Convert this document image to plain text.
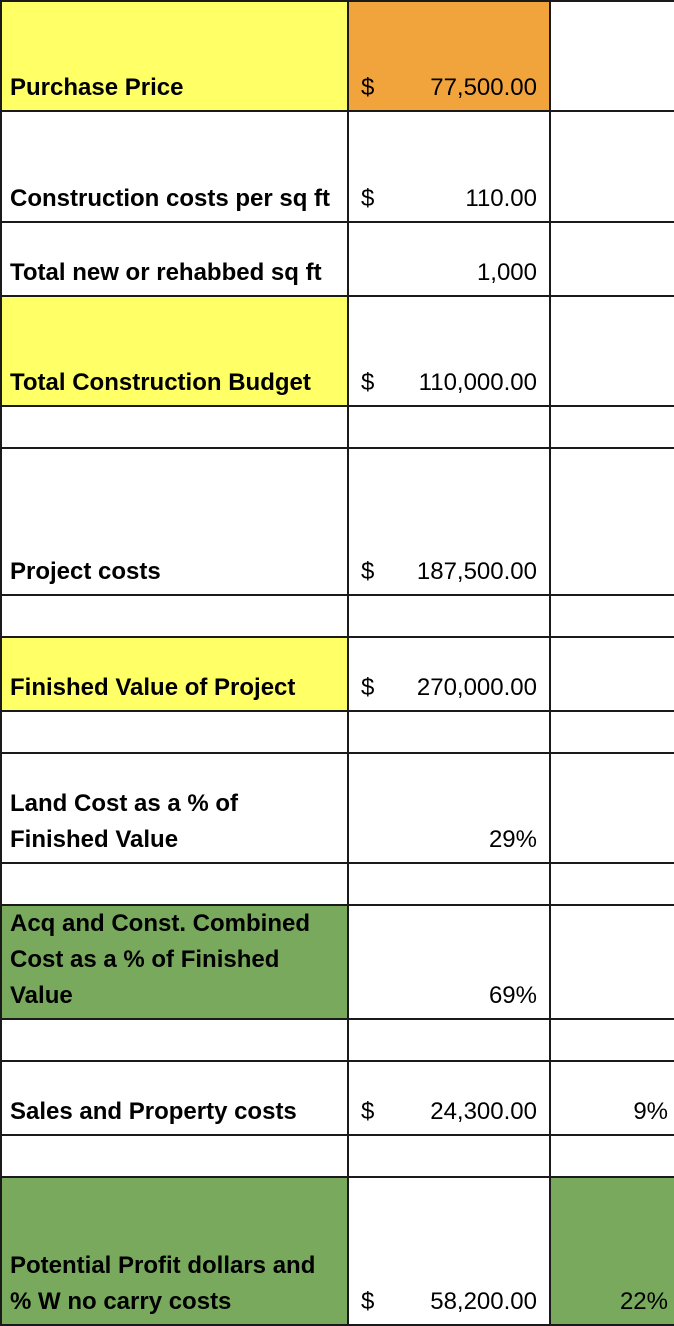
Purchase Price	$ 77,500.00	

Construction costs per sq ft	$ 110.00	

Total new or rehabbed sq ft	1,000	
Total Construction Budget	$ 110,000.00	

Project costs	$ 187,500.00	

Finished Value of Project	$ 270,000.00	

Land Cost as a % of Finished Value	29%	

Acq and Const. Combined Cost as a % of Finished Value	69%	

Sales and Property costs	$ 24,300.00	9%

Potential Profit dollars and % W no carry costs	$ 58,200.00	22%
